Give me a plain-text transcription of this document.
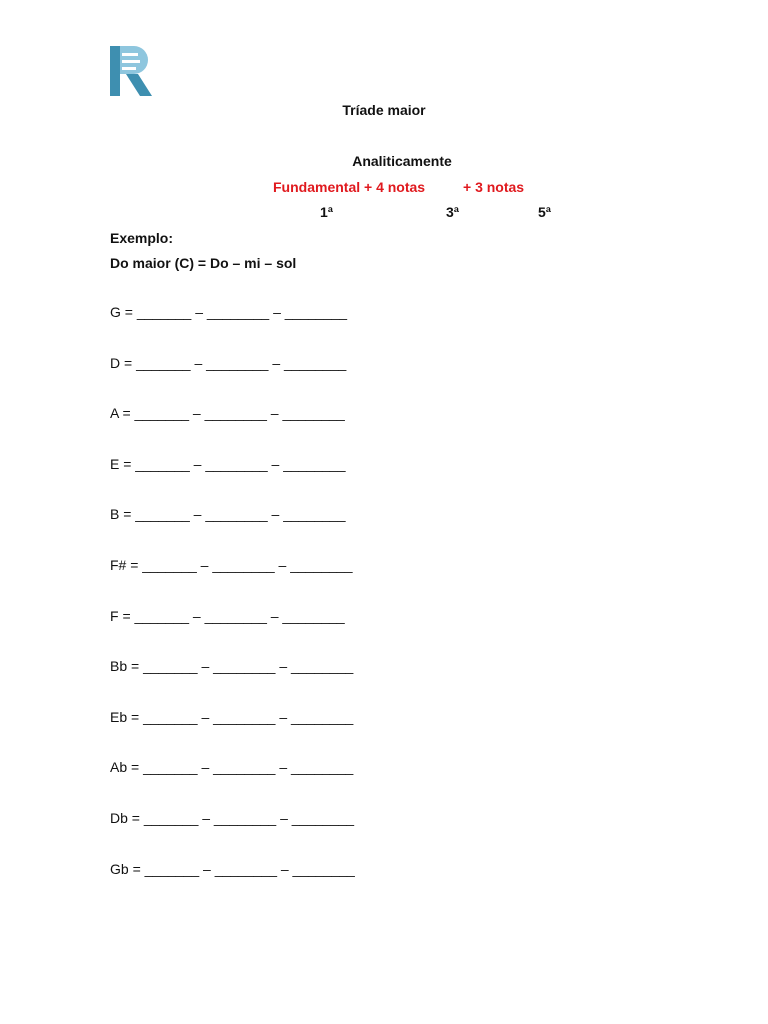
Tríade maior
Analiticamente
Fundamental + 4 notas	+ 3 notas
1ª	3ª	5ª
Exemplo:
Do maior (C) = Do – mi – sol
G = _______ – ________ – ________
D = _______ – ________ – ________
A = _______ – ________ – ________
E = _______ – ________ – ________
B = _______ – ________ – ________
F# = _______ – ________ – ________
F = _______ – ________ – ________
Bb = _______ – ________ – ________
Eb = _______ – ________ – ________
Ab = _______ – ________ – ________
Db = _______ – ________ – ________
Gb = _______ – ________ – ________
